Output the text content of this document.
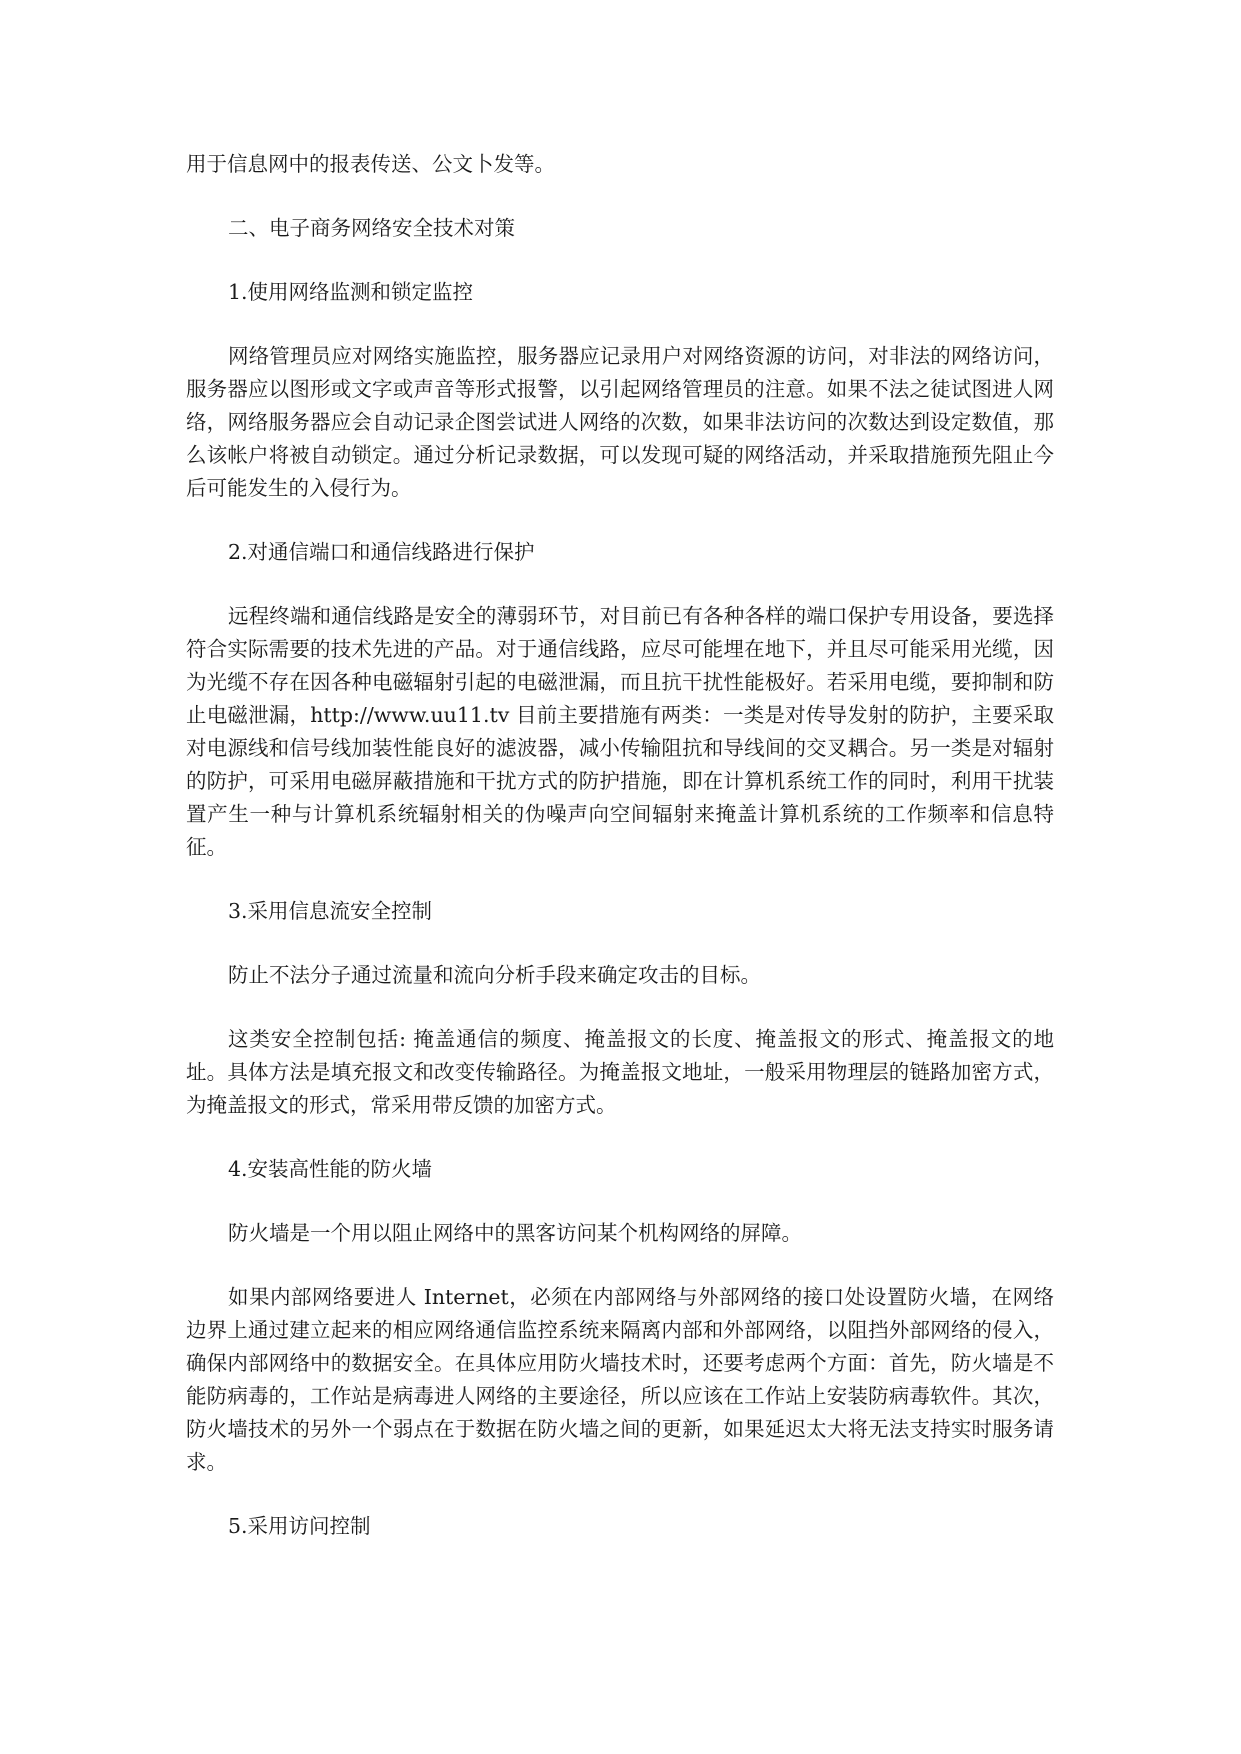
用于信息网中的报表传送、公文卜发等。

二、电子商务网络安全技术对策

1.使用网络监测和锁定监控

网络管理员应对网络实施监控，服务器应记录用户对网络资源的访问，对非法的网络访问，服务器应以图形或文字或声音等形式报警，以引起网络管理员的注意。如果不法之徒试图进人网络，网络服务器应会自动记录企图尝试进人网络的次数，如果非法访问的次数达到设定数值，那么该帐户将被自动锁定。通过分析记录数据，可以发现可疑的网络活动，并采取措施预先阻止今后可能发生的入侵行为。

2.对通信端口和通信线路进行保护

远程终端和通信线路是安全的薄弱环节，对目前已有各种各样的端口保护专用设备，要选择符合实际需要的技术先进的产品。对于通信线路，应尽可能埋在地下，并且尽可能采用光缆，因为光缆不存在因各种电磁辐射引起的电磁泄漏，而且抗干扰性能极好。若采用电缆，要抑制和防止电磁泄漏，http://www.uu11.tv 目前主要措施有两类：一类是对传导发射的防护，主要采取对电源线和信号线加装性能良好的滤波器，减小传输阻抗和导线间的交叉耦合。另一类是对辐射的防护，可采用电磁屏蔽措施和干扰方式的防护措施，即在计算机系统工作的同时，利用干扰装置产生一种与计算机系统辐射相关的伪噪声向空间辐射来掩盖计算机系统的工作频率和信息特征。

3.采用信息流安全控制

防止不法分子通过流量和流向分析手段来确定攻击的目标。

这类安全控制包括: 掩盖通信的频度、掩盖报文的长度、掩盖报文的形式、掩盖报文的地址。具体方法是填充报文和改变传输路径。为掩盖报文地址，一般采用物理层的链路加密方式，为掩盖报文的形式，常采用带反馈的加密方式。

4.安装高性能的防火墙

防火墙是一个用以阻止网络中的黑客访问某个机构网络的屏障。

如果内部网络要进人 Internet，必须在内部网络与外部网络的接口处设置防火墙，在网络边界上通过建立起来的相应网络通信监控系统来隔离内部和外部网络，以阻挡外部网络的侵入，确保内部网络中的数据安全。在具体应用防火墙技术时，还要考虑两个方面：首先，防火墙是不能防病毒的，工作站是病毒进人网络的主要途径，所以应该在工作站上安装防病毒软件。其次，防火墙技术的另外一个弱点在于数据在防火墙之间的更新，如果延迟太大将无法支持实时服务请求。

5.采用访问控制
